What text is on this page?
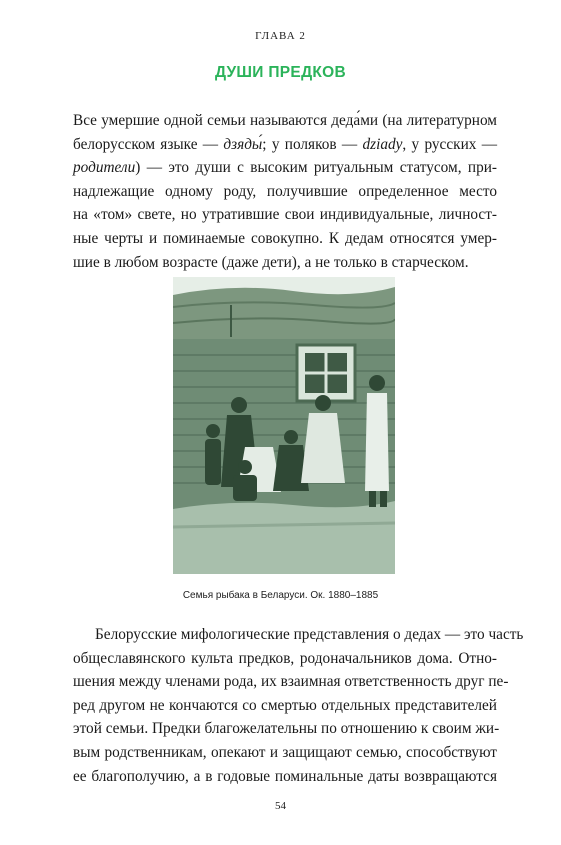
ГЛАВА 2
ДУШИ ПРЕДКОВ
Все умершие одной семьи называются деда́ми (на литературном
белорусском языке — дзяды́; у поляков — dziady, у русских —
родители) — это души с высоким ритуальным статусом, при-
надлежащие одному роду, получившие определенное место
на «том» свете, но утратившие свои индивидуальные, личност-
ные черты и поминаемые совокупно. К дедам относятся умер-
шие в любом возрасте (даже дети), а не только в старческом.
Семья рыбака в Беларуси. Ок. 1880–1885
Белорусские мифологические представления о дедах — это часть
общеславянского культа предков, родоначальников дома. Отно-
шения между членами рода, их взаимная ответственность друг пе-
ред другом не кончаются со смертью отдельных представителей
этой семьи. Предки благожелательны по отношению к своим жи-
вым родственникам, опекают и защищают семью, способствуют
ее благополучию, а в годовые поминальные даты возвращаются
54
